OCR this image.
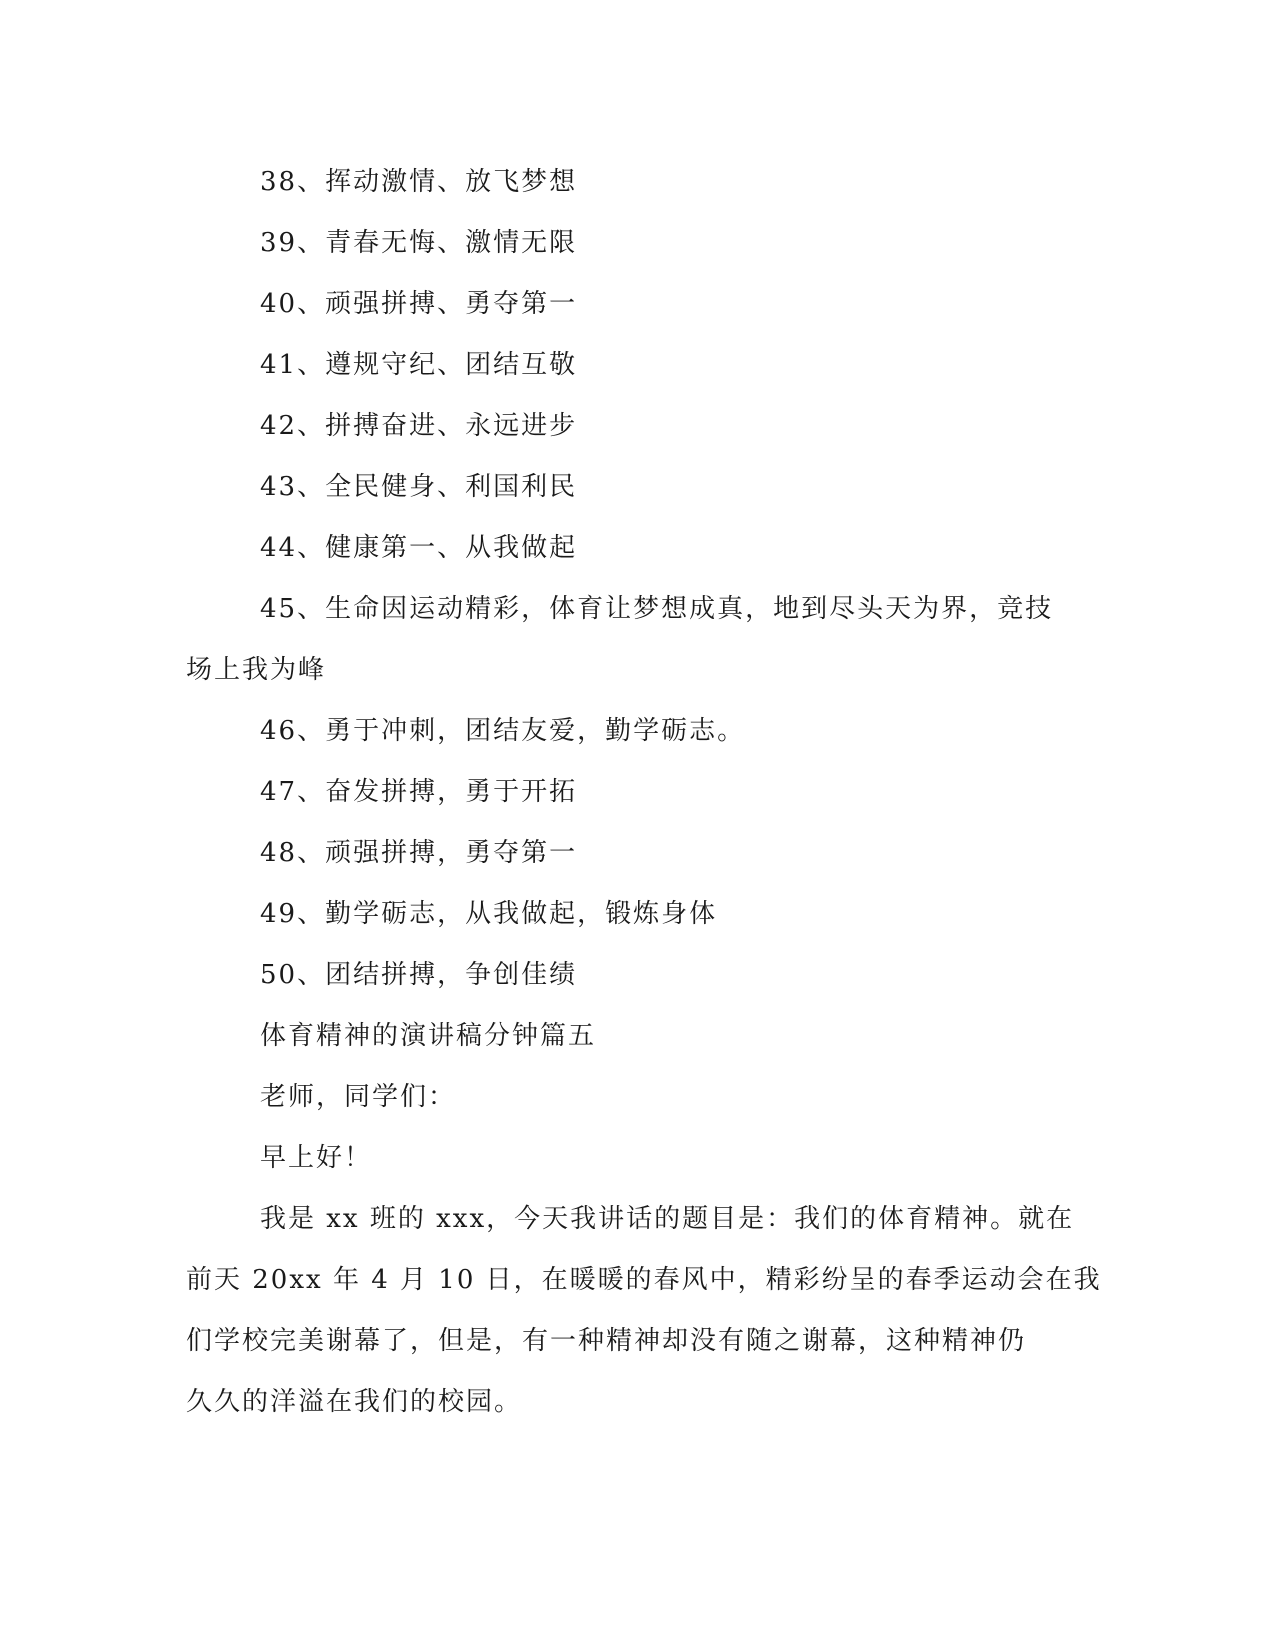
38、挥动激情、放飞梦想
39、青春无悔、激情无限
40、顽强拼搏、勇夺第一
41、遵规守纪、团结互敬
42、拼搏奋进、永远进步
43、全民健身、利国利民
44、健康第一、从我做起
45、生命因运动精彩，体育让梦想成真，地到尽头天为界，竞技
场上我为峰
46、勇于冲刺，团结友爱，勤学砺志。
47、奋发拼搏，勇于开拓
48、顽强拼搏，勇夺第一
49、勤学砺志，从我做起，锻炼身体
50、团结拼搏，争创佳绩
体育精神的演讲稿分钟篇五
老师，同学们：
早上好！
我是 xx 班的 xxx，今天我讲话的题目是：我们的体育精神。就在
前天 20xx 年 4 月 10 日，在暖暖的春风中，精彩纷呈的春季运动会在我
们学校完美谢幕了，但是，有一种精神却没有随之谢幕，这种精神仍
久久的洋溢在我们的校园。
